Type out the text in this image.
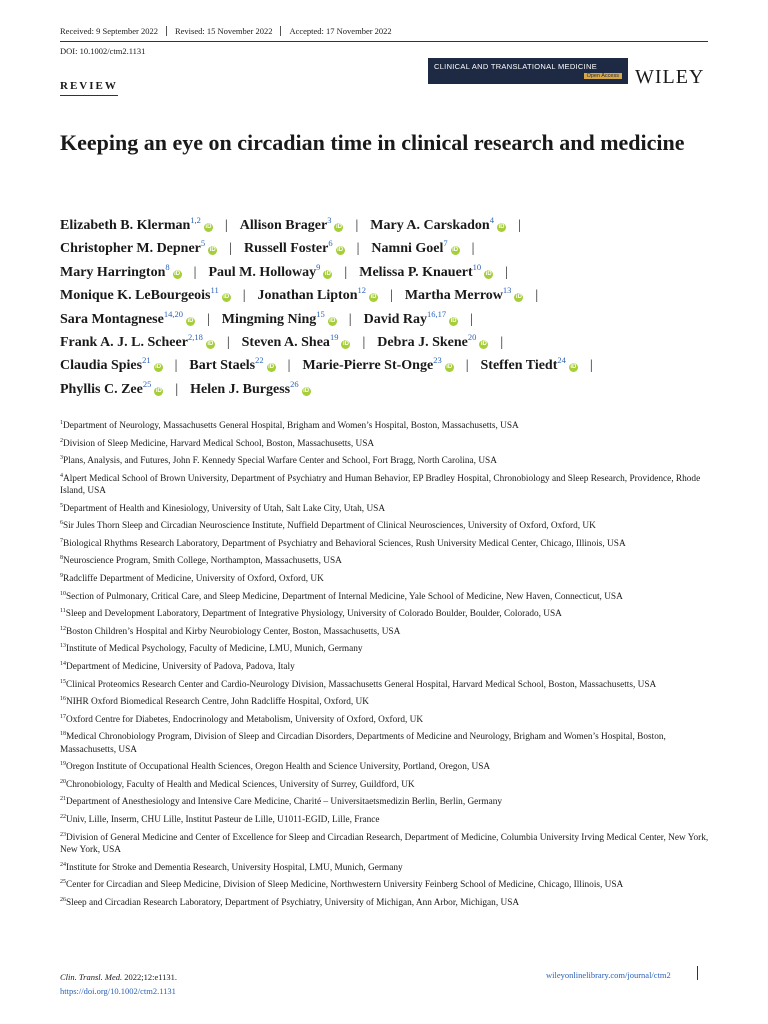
Received: 9 September 2022	Revised: 15 November 2022	Accepted: 17 November 2022
DOI: 10.1002/ctm2.1131
REVIEW
CLINICAL AND TRANSLATIONAL MEDICINE
Open Access WILEY
Keeping an eye on circadian time in clinical research and medicine
Elizabeth B. Klerman$^{1,2}$iD | Allison Brager$^3$iD | Mary A. Carskadon$^4$iD |
Christopher M. Depner$^5$iD | Russell Foster$^6$iD | Namni Goel$^7$iD |
Mary Harrington$^8$iD | Paul M. Holloway$^9$iD | Melissa P. Knauert$^{10}$iD |
Monique K. LeBourgeois$^{11}$iD | Jonathan Lipton$^{12}$iD | Martha Merrow$^{13}$iD |
Sara Montagnese$^{14,20}$iD | Mingming Ning$^{15}$iD | David Ray$^{16,17}$iD |
Frank A. J. L. Scheer$^{2,18}$iD | Steven A. Shea$^{19}$iD | Debra J. Skene$^{20}$iD |
Claudia Spies$^{21}$iD | Bart Staels$^{22}$iD | Marie-Pierre St-Onge$^{23}$iD | Steffen Tiedt$^{24}$iD |
Phyllis C. Zee$^{25}$iD | Helen J. Burgess$^{26}$iD
$^1$Department of Neurology, Massachusetts General Hospital, Brigham and Women’s Hospital, Boston, Massachusetts, USA
$^2$Division of Sleep Medicine, Harvard Medical School, Boston, Massachusetts, USA
$^3$Plans, Analysis, and Futures, John F. Kennedy Special Warfare Center and School, Fort Bragg, North Carolina, USA
$^4$Alpert Medical School of Brown University, Department of Psychiatry and Human Behavior, EP Bradley Hospital, Chronobiology and Sleep Research, Providence, Rhode Island, USA
$^5$Department of Health and Kinesiology, University of Utah, Salt Lake City, Utah, USA
$^6$Sir Jules Thorn Sleep and Circadian Neuroscience Institute, Nuffield Department of Clinical Neurosciences, University of Oxford, Oxford, UK
$^7$Biological Rhythms Research Laboratory, Department of Psychiatry and Behavioral Sciences, Rush University Medical Center, Chicago, Illinois, USA
$^8$Neuroscience Program, Smith College, Northampton, Massachusetts, USA
$^9$Radcliffe Department of Medicine, University of Oxford, Oxford, UK
$^{10}$Section of Pulmonary, Critical Care, and Sleep Medicine, Department of Internal Medicine, Yale School of Medicine, New Haven, Connecticut, USA
$^{11}$Sleep and Development Laboratory, Department of Integrative Physiology, University of Colorado Boulder, Boulder, Colorado, USA
$^{12}$Boston Children’s Hospital and Kirby Neurobiology Center, Boston, Massachusetts, USA
$^{13}$Institute of Medical Psychology, Faculty of Medicine, LMU, Munich, Germany
$^{14}$Department of Medicine, University of Padova, Padova, Italy
$^{15}$Clinical Proteomics Research Center and Cardio-Neurology Division, Massachusetts General Hospital, Harvard Medical School, Boston, Massachusetts, USA
$^{16}$NIHR Oxford Biomedical Research Centre, John Radcliffe Hospital, Oxford, UK
$^{17}$Oxford Centre for Diabetes, Endocrinology and Metabolism, University of Oxford, Oxford, UK
$^{18}$Medical Chronobiology Program, Division of Sleep and Circadian Disorders, Departments of Medicine and Neurology, Brigham and Women’s Hospital, Boston, Massachusetts, USA
$^{19}$Oregon Institute of Occupational Health Sciences, Oregon Health and Science University, Portland, Oregon, USA
$^{20}$Chronobiology, Faculty of Health and Medical Sciences, University of Surrey, Guildford, UK
$^{21}$Department of Anesthesiology and Intensive Care Medicine, Charité – Universitaetsmedizin Berlin, Berlin, Germany
$^{22}$Univ, Lille, Inserm, CHU Lille, Institut Pasteur de Lille, U1011-EGID, Lille, France
$^{23}$Division of General Medicine and Center of Excellence for Sleep and Circadian Research, Department of Medicine, Columbia University Irving Medical Center, New York, New York, USA
$^{24}$Institute for Stroke and Dementia Research, University Hospital, LMU, Munich, Germany
$^{25}$Center for Circadian and Sleep Medicine, Division of Sleep Medicine, Northwestern University Feinberg School of Medicine, Chicago, Illinois, USA
$^{26}$Sleep and Circadian Research Laboratory, Department of Psychiatry, University of Michigan, Ann Arbor, Michigan, USA
Clin. Transl. Med. 2022;12:e1131.
https://doi.org/10.1002/ctm2.1131
wileyonlinelibrary.com/journal/ctm2
